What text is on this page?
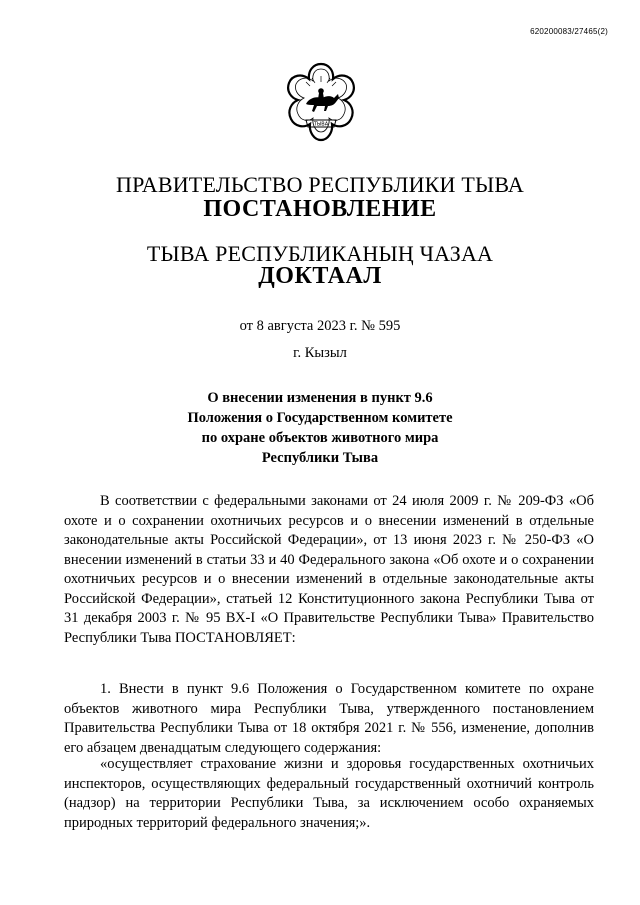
620200083/27465(2)
ТЫВА
ПРАВИТЕЛЬСТВО РЕСПУБЛИКИ ТЫВА
ПОСТАНОВЛЕНИЕ
ТЫВА РЕСПУБЛИКАНЫҢ ЧАЗАА
ДОКТААЛ
от 8 августа 2023 г. № 595
г. Кызыл
О внесении изменения в пункт 9.6
Положения о Государственном комитете
по охране объектов животного мира
Республики Тыва

В соответствии с федеральными законами от 24 июля 2009 г. № 209-ФЗ «Об охоте и о сохранении охотничьих ресурсов и о внесении изменений в отдельные законодательные акты Российской Федерации», от 13 июня 2023 г. № 250-ФЗ «О внесении изменений в статьи 33 и 40 Федерального закона «Об охоте и о сохранении охотничьих ресурсов и о внесении изменений в отдельные законодательные акты Российской Федерации», статьей 12 Конституционного закона Республики Тыва от 31 декабря 2003 г. № 95 ВХ-I «О Правительстве Республики Тыва» Правительство Республики Тыва ПОСТАНОВЛЯЕТ:

1. Внести в пункт 9.6 Положения о Государственном комитете по охране объектов животного мира Республики Тыва, утвержденного постановлением Правительства Республики Тыва от 18 октября 2021 г. № 556, изменение, дополнив его абзацем двенадцатым следующего содержания:

«осуществляет страхование жизни и здоровья государственных охотничьих инспекторов, осуществляющих федеральный государственный охотничий контроль (надзор) на территории Республики Тыва, за исключением особо охраняемых природных территорий федерального значения;».
